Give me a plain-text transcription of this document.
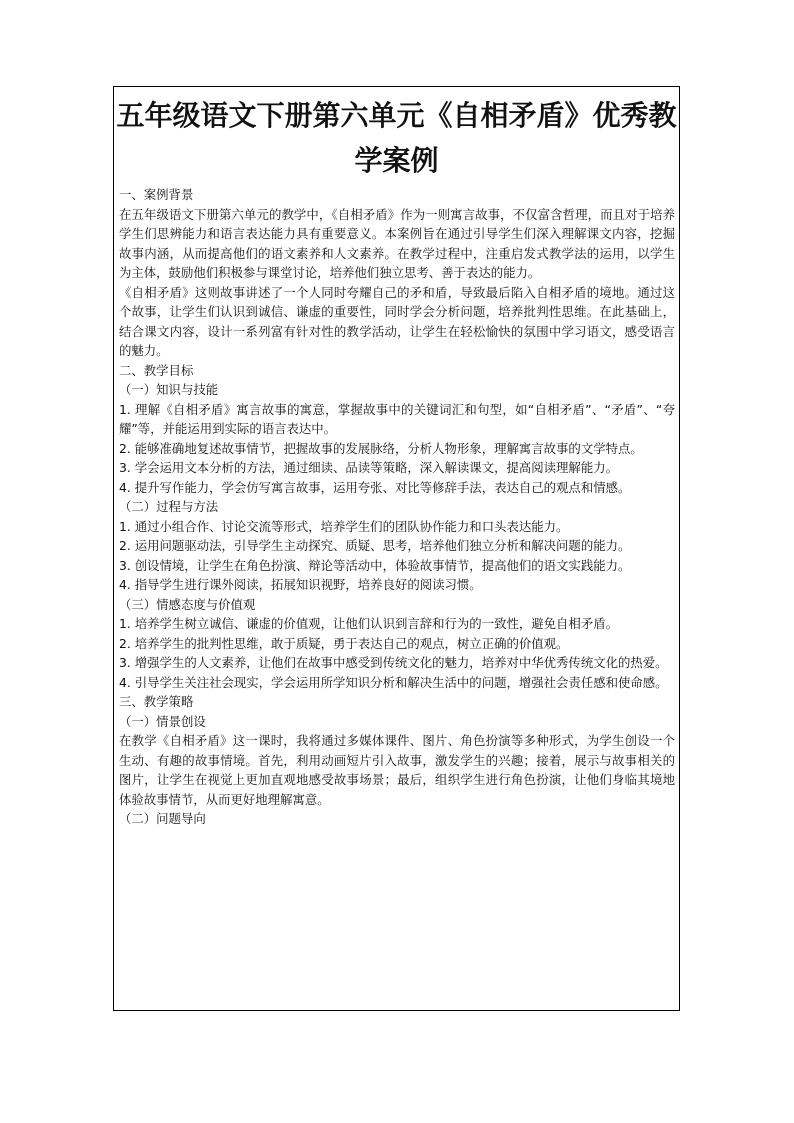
五年级语文下册第六单元《自相矛盾》优秀教学案例

一、案例背景

在五年级语文下册第六单元的教学中，《自相矛盾》作为一则寓言故事，不仅富含哲理，而且对于培养学生们思辨能力和语言表达能力具有重要意义。本案例旨在通过引导学生们深入理解课文内容，挖掘故事内涵，从而提高他们的语文素养和人文素养。在教学过程中，注重启发式教学法的运用，以学生为主体，鼓励他们积极参与课堂讨论，培养他们独立思考、善于表达的能力。

《自相矛盾》这则故事讲述了一个人同时夸耀自己的矛和盾，导致最后陷入自相矛盾的境地。通过这个故事，让学生们认识到诚信、谦虚的重要性，同时学会分析问题，培养批判性思维。在此基础上，结合课文内容，设计一系列富有针对性的教学活动，让学生在轻松愉快的氛围中学习语文，感受语言的魅力。

二、教学目标

（一）知识与技能

1. 理解《自相矛盾》寓言故事的寓意，掌握故事中的关键词汇和句型，如“自相矛盾”、“矛盾”、“夸耀”等，并能运用到实际的语言表达中。

2. 能够准确地复述故事情节，把握故事的发展脉络，分析人物形象，理解寓言故事的文学特点。

3. 学会运用文本分析的方法，通过细读、品读等策略，深入解读课文，提高阅读理解能力。

4. 提升写作能力，学会仿写寓言故事，运用夸张、对比等修辞手法，表达自己的观点和情感。

（二）过程与方法

1. 通过小组合作、讨论交流等形式，培养学生们的团队协作能力和口头表达能力。

2. 运用问题驱动法，引导学生主动探究、质疑、思考，培养他们独立分析和解决问题的能力。

3. 创设情境，让学生在角色扮演、辩论等活动中，体验故事情节，提高他们的语文实践能力。

4. 指导学生进行课外阅读，拓展知识视野，培养良好的阅读习惯。

（三）情感态度与价值观

1. 培养学生树立诚信、谦虚的价值观，让他们认识到言辞和行为的一致性，避免自相矛盾。

2. 培养学生的批判性思维，敢于质疑，勇于表达自己的观点，树立正确的价值观。

3. 增强学生的人文素养，让他们在故事中感受到传统文化的魅力，培养对中华优秀传统文化的热爱。

4. 引导学生关注社会现实，学会运用所学知识分析和解决生活中的问题，增强社会责任感和使命感。

三、教学策略

（一）情景创设

在教学《自相矛盾》这一课时，我将通过多媒体课件、图片、角色扮演等多种形式，为学生创设一个生动、有趣的故事情境。首先，利用动画短片引入故事，激发学生的兴趣；接着，展示与故事相关的图片，让学生在视觉上更加直观地感受故事场景；最后，组织学生进行角色扮演，让他们身临其境地体验故事情节，从而更好地理解寓意。

（二）问题导向
